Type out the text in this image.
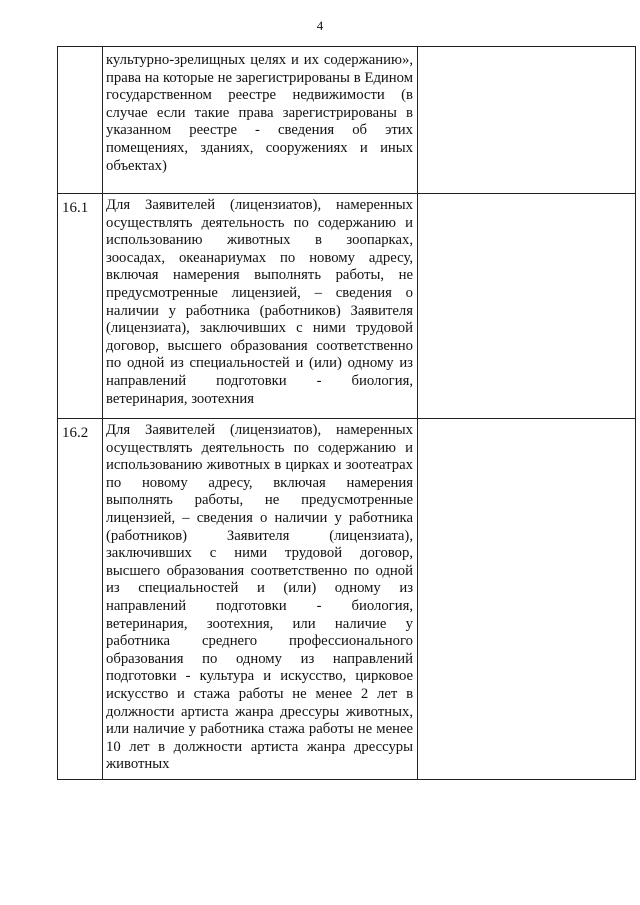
4

	культурно-зрелищных целях и их содержанию», права на которые не зарегистрированы в Едином государственном реестре недвижимости (в случае если такие права зарегистрированы в указанном реестре - сведения об этих помещениях, зданиях, сооружениях и иных объектах)	

16.1	Для Заявителей (лицензиатов), намеренных осуществлять деятельность по содержанию и использованию животных в зоопарках, зоосадах, океанариумах по новому адресу, включая намерения выполнять работы, не предусмотренные лицензией, – сведения о наличии у работника (работников) Заявителя (лицензиата), заключивших с ними трудовой договор, высшего образования соответственно по одной из специальностей и (или) одному из направлений подготовки - биология, ветеринария, зоотехния	

16.2	Для Заявителей (лицензиатов), намеренных осуществлять деятельность по содержанию и использованию животных в цирках и зоотеатрах по новому адресу, включая намерения выполнять работы, не предусмотренные лицензией, – сведения о наличии у работника (работников) Заявителя (лицензиата), заключивших с ними трудовой договор, высшего образования соответственно по одной из специальностей и (или) одному из направлений подготовки - биология, ветеринария, зоотехния, или наличие у работника среднего профессионального образования по одному из направлений подготовки - культура и искусство, цирковое искусство и стажа работы не менее 2 лет в должности артиста жанра дрессуры животных, или наличие у работника стажа работы не менее 10 лет в должности артиста жанра дрессуры животных	
